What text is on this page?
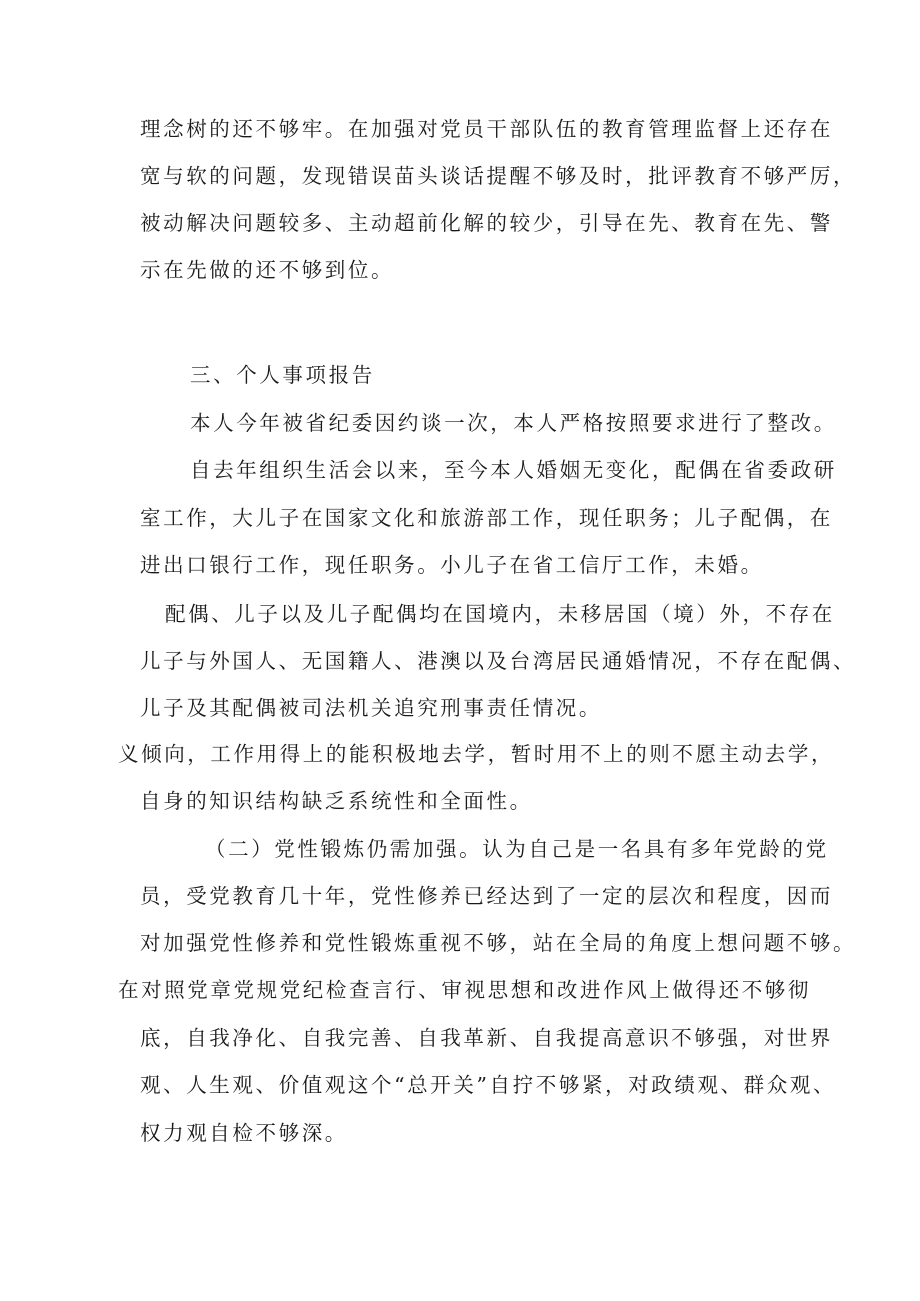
理念树的还不够牢。在加强对党员干部队伍的教育管理监督上还存在
宽与软的问题，发现错误苗头谈话提醒不够及时，批评教育不够严厉，
被动解决问题较多、主动超前化解的较少，引导在先、教育在先、警
示在先做的还不够到位。
三、个人事项报告
本人今年被省纪委因约谈一次，本人严格按照要求进行了整改。
自去年组织生活会以来，至今本人婚姻无变化，配偶在省委政研
室工作，大儿子在国家文化和旅游部工作，现任职务；儿子配偶，在
进出口银行工作，现任职务。小儿子在省工信厅工作，未婚。
配偶、儿子以及儿子配偶均在国境内，未移居国（境）外，不存在
儿子与外国人、无国籍人、港澳以及台湾居民通婚情况，不存在配偶、
儿子及其配偶被司法机关追究刑事责任情况。
义倾向，工作用得上的能积极地去学，暂时用不上的则不愿主动去学，
自身的知识结构缺乏系统性和全面性。
（二）党性锻炼仍需加强。认为自己是一名具有多年党龄的党
员，受党教育几十年，党性修养已经达到了一定的层次和程度，因而
对加强党性修养和党性锻炼重视不够，站在全局的角度上想问题不够。
在对照党章党规党纪检查言行、审视思想和改进作风上做得还不够彻
底，自我净化、自我完善、自我革新、自我提高意识不够强，对世界
观、人生观、价值观这个“总开关”自拧不够紧，对政绩观、群众观、
权力观自检不够深。
